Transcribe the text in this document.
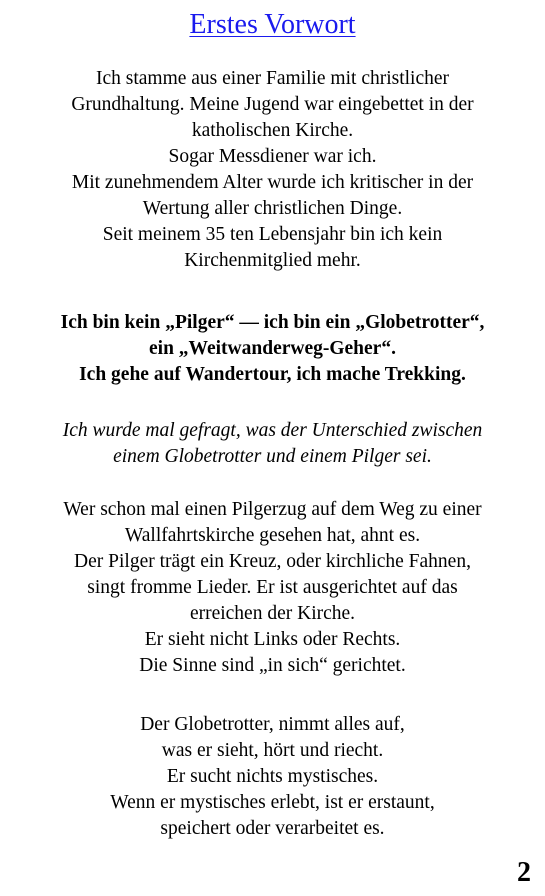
Erstes Vorwort
Ich stamme aus einer Familie mit christlicher
Grundhaltung. Meine Jugend war eingebettet in der
katholischen Kirche.
Sogar Messdiener war ich.
Mit zunehmendem Alter wurde ich kritischer in der
Wertung aller christlichen Dinge.
Seit meinem 35 ten Lebensjahr bin ich kein
Kirchenmitglied mehr.
Ich bin kein „Pilger“ — ich bin ein „Globetrotter“,
ein „Weitwanderweg-Geher“.
Ich gehe auf Wandertour, ich mache Trekking.
Ich wurde mal gefragt, was der Unterschied zwischen
einem Globetrotter und einem Pilger sei.
Wer schon mal einen Pilgerzug auf dem Weg zu einer
Wallfahrtskirche gesehen hat, ahnt es.
Der Pilger trägt ein Kreuz, oder kirchliche Fahnen,
singt fromme Lieder. Er ist ausgerichtet auf das
erreichen der Kirche.
Er sieht nicht Links oder Rechts.
Die Sinne sind „in sich“ gerichtet.
Der Globetrotter, nimmt alles auf,
was er sieht, hört und riecht.
Er sucht nichts mystisches.
Wenn er mystisches erlebt, ist er erstaunt,
speichert oder verarbeitet es.
2
